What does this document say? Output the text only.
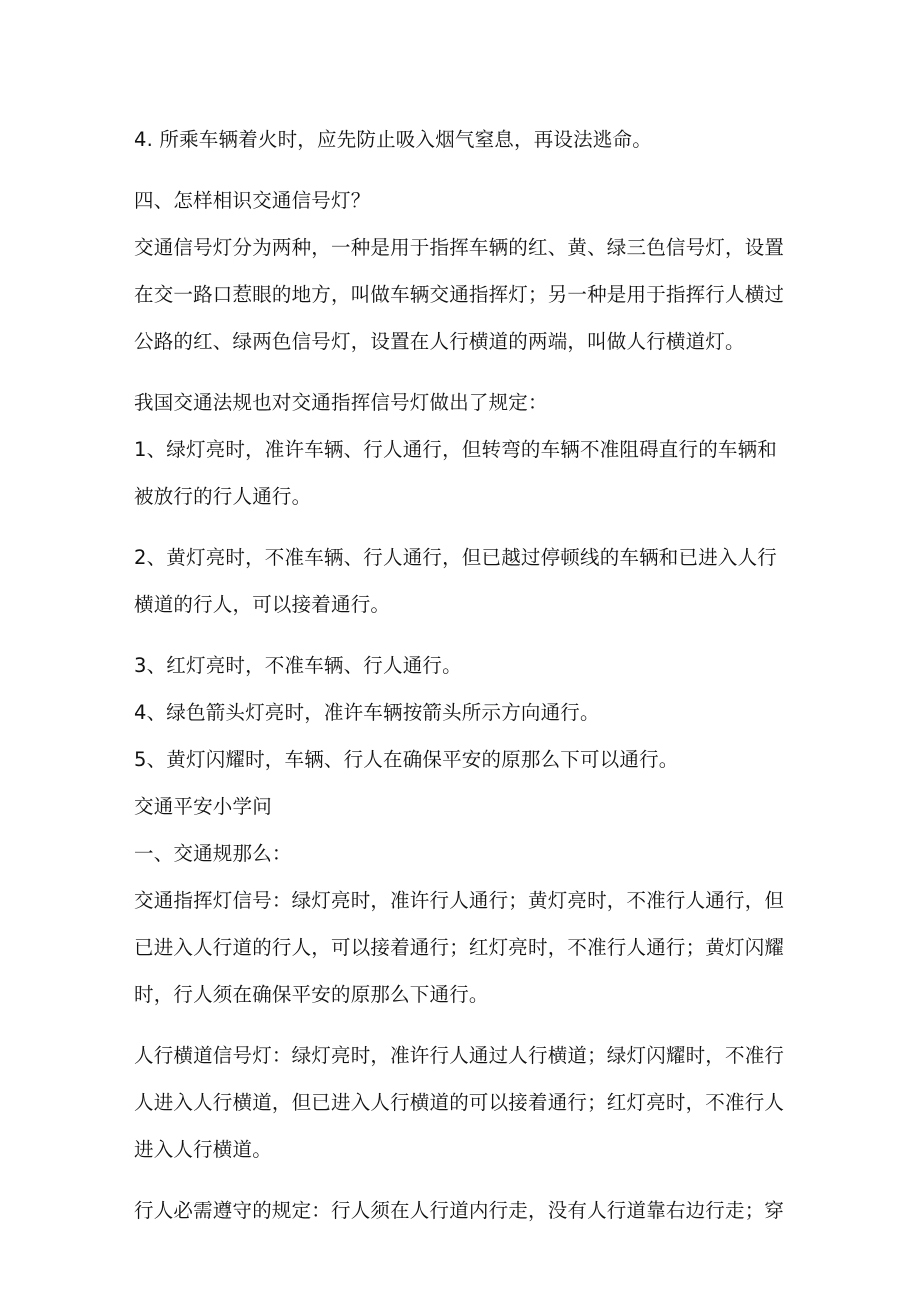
4. 所乘车辆着火时，应先防止吸入烟气窒息，再设法逃命。

四、怎样相识交通信号灯？

交通信号灯分为两种，一种是用于指挥车辆的红、黄、绿三色信号灯，设置在交一路口惹眼的地方，叫做车辆交通指挥灯；另一种是用于指挥行人横过公路的红、绿两色信号灯，设置在人行横道的两端，叫做人行横道灯。

我国交通法规也对交通指挥信号灯做出了规定：

1、绿灯亮时，准许车辆、行人通行，但转弯的车辆不准阻碍直行的车辆和被放行的行人通行。

2、黄灯亮时，不准车辆、行人通行，但已越过停顿线的车辆和已进入人行横道的行人，可以接着通行。

3、红灯亮时，不准车辆、行人通行。

4、绿色箭头灯亮时，准许车辆按箭头所示方向通行。

5、黄灯闪耀时，车辆、行人在确保平安的原那么下可以通行。

交通平安小学问

一、交通规那么：

交通指挥灯信号：绿灯亮时，准许行人通行；黄灯亮时，不准行人通行，但已进入人行道的行人，可以接着通行；红灯亮时，不准行人通行；黄灯闪耀时，行人须在确保平安的原那么下通行。

人行横道信号灯：绿灯亮时，准许行人通过人行横道；绿灯闪耀时，不准行人进入人行横道，但已进入人行横道的可以接着通行；红灯亮时，不准行人进入人行横道。

行人必需遵守的规定：行人须在人行道内行走，没有人行道靠右边行走；穿
